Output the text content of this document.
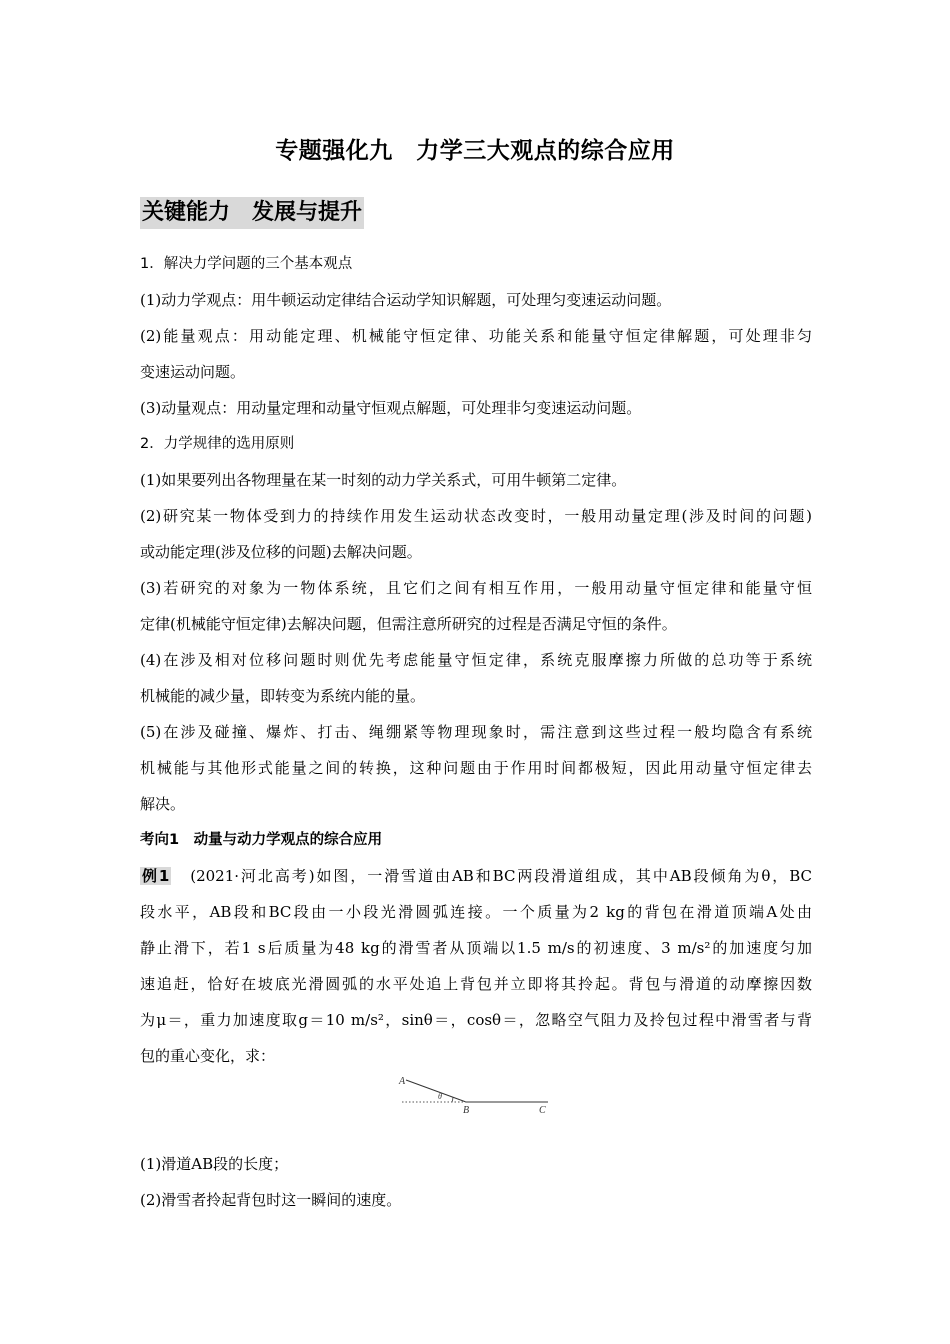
专题强化九　力学三大观点的综合应用
关键能力　发展与提升
1．解决力学问题的三个基本观点
(1)动力学观点：用牛顿运动定律结合运动学知识解题，可处理匀变速运动问题。
(2)能量观点：用动能定理、机械能守恒定律、功能关系和能量守恒定律解题，可处理非匀
变速运动问题。
(3)动量观点：用动量定理和动量守恒观点解题，可处理非匀变速运动问题。
2．力学规律的选用原则
(1)如果要列出各物理量在某一时刻的动力学关系式，可用牛顿第二定律。
(2)研究某一物体受到力的持续作用发生运动状态改变时，一般用动量定理(涉及时间的问题)
或动能定理(涉及位移的问题)去解决问题。
(3)若研究的对象为一物体系统，且它们之间有相互作用，一般用动量守恒定律和能量守恒
定律(机械能守恒定律)去解决问题，但需注意所研究的过程是否满足守恒的条件。
(4)在涉及相对位移问题时则优先考虑能量守恒定律，系统克服摩擦力所做的总功等于系统
机械能的减少量，即转变为系统内能的量。
(5)在涉及碰撞、爆炸、打击、绳绷紧等物理现象时，需注意到这些过程一般均隐含有系统
机械能与其他形式能量之间的转换，这种问题由于作用时间都极短，因此用动量守恒定律去
解决。
考向1　动量与动力学观点的综合应用
例1　(2021·河北高考)如图，一滑雪道由AB和BC两段滑道组成，其中AB段倾角为θ，BC
段水平，AB段和BC段由一小段光滑圆弧连接。一个质量为2 kg的背包在滑道顶端A处由
静止滑下，若1 s后质量为48 kg的滑雪者从顶端以1.5 m/s的初速度、3 m/s²的加速度匀加
速追赶，恰好在坡底光滑圆弧的水平处追上背包并立即将其拎起。背包与滑道的动摩擦因数
为μ＝，重力加速度取g＝10 m/s²，sinθ＝，cosθ＝，忽略空气阻力及拎包过程中滑雪者与背
包的重心变化，求：
A
θ
B	C
(1)滑道AB段的长度；
(2)滑雪者拎起背包时这一瞬间的速度。
